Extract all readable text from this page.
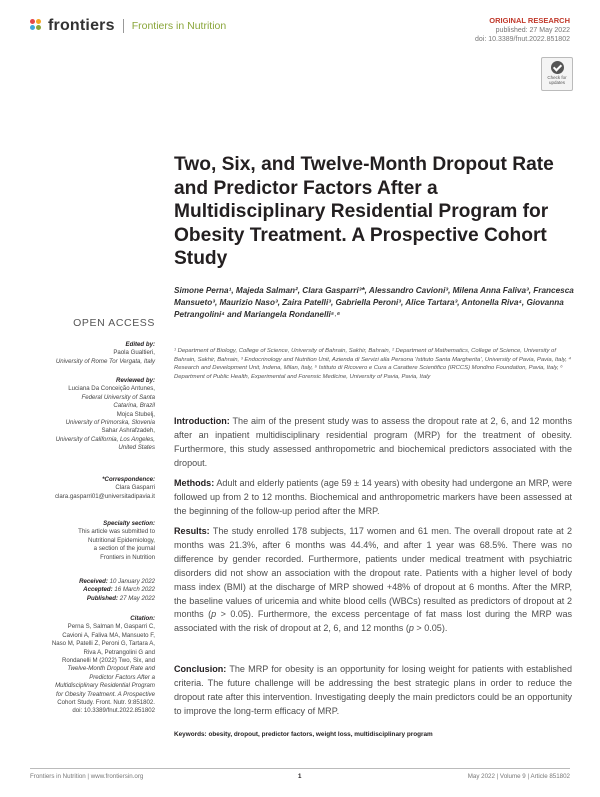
frontiers Frontiers in Nutrition	ORIGINAL RESEARCH
published: 27 May 2022
doi: 10.3389/fnut.2022.851802
Check for
updates
Two, Six, and Twelve-Month Dropout Rate and Predictor Factors After a Multidisciplinary Residential Program for Obesity Treatment. A Prospective Cohort Study
Simone Perna¹, Majeda Salman², Clara Gasparri³*, Alessandro Cavioni³, Milena Anna Faliva³, Francesca Mansueto³, Maurizio Naso³, Zaira Patelli³, Gabriella Peroni³, Alice Tartara³, Antonella Riva⁴, Giovanna Petrangolini⁴ and Mariangela Rondanelli⁵˒⁶
¹ Department of Biology, College of Science, University of Bahrain, Sakhir, Bahrain, ² Department of Mathematics, College of Science, University of Bahrain, Sakhir, Bahrain, ³ Endocrinology and Nutrition Unit, Azienda di Servizi alla Persona ‘Istituto Santa Margherita’, University of Pavia, Pavia, Italy, ⁴ Research and Development Unit, Indena, Milan, Italy, ⁵ Istituto di Ricovero e Cura a Carattere Scientifico (IRCCS) Mondino Foundation, Pavia, Italy, ⁶ Department of Public Health, Experimental and Forensic Medicine, University of Pavia, Pavia, Italy
OPEN ACCESS
Edited by:
Paola Gualtieri,
University of Rome Tor Vergata, Italy
Reviewed by:
Luciana Da Conceição Antunes,
Federal University of Santa
Catarina, Brazil
Mojca Stubelj,
University of Primorska, Slovenia
Sahar Ashrafzadeh,
University of California, Los Angeles,
United States
*Correspondence:
Clara Gasparri
clara.gasparri01@universitadipavia.it
Specialty section:
This article was submitted to
Nutritional Epidemiology,
a section of the journal
Frontiers in Nutrition
Received: 10 January 2022
Accepted: 16 March 2022
Published: 27 May 2022
Citation:
Perna S, Salman M, Gasparri C,
Cavioni A, Faliva MA, Mansueto F,
Naso M, Patelli Z, Peroni G, Tartara A,
Riva A, Petrangolini G and
Rondanelli M (2022) Two, Six, and
Twelve-Month Dropout Rate and
Predictor Factors After a
Multidisciplinary Residential Program
for Obesity Treatment. A Prospective
Cohort Study. Front. Nutr. 9:851802.
doi: 10.3389/fnut.2022.851802
Introduction: The aim of the present study was to assess the dropout rate at 2, 6, and 12 months after an inpatient multidisciplinary residential program (MRP) for the treatment of obesity. Furthermore, this study assessed anthropometric and biochemical predictors associated with the dropout.
Methods: Adult and elderly patients (age 59 ± 14 years) with obesity had undergone an MRP, were followed up from 2 to 12 months. Biochemical and anthropometric markers have been assessed at the beginning of the follow-up period after the MRP.
Results: The study enrolled 178 subjects, 117 women and 61 men. The overall dropout rate at 2 months was 21.3%, after 6 months was 44.4%, and after 1 year was 68.5%. There was no difference by gender recorded. Furthermore, patients under medical treatment with psychiatric disorders did not show an association with the dropout rate. Patients with a higher level of body mass index (BMI) at the discharge of MRP showed +48% of dropout at 6 months. After the MRP, the baseline values of uricemia and white blood cells (WBCs) resulted as predictors of dropout at 2 months (p > 0.05). Furthermore, the excess percentage of fat mass lost during the MRP was associated with the risk of dropout at 2, 6, and 12 months (p > 0.05).
Conclusion: The MRP for obesity is an opportunity for losing weight for patients with established criteria. The future challenge will be addressing the best strategic plans in order to reduce the dropout rate after this intervention. Investigating deeply the main predictors could be an opportunity to improve the long-term efficacy of MRP.
Keywords: obesity, dropout, predictor factors, weight loss, multidisciplinary program
Frontiers in Nutrition | www.frontiersin.org	1	May 2022 | Volume 9 | Article 851802
